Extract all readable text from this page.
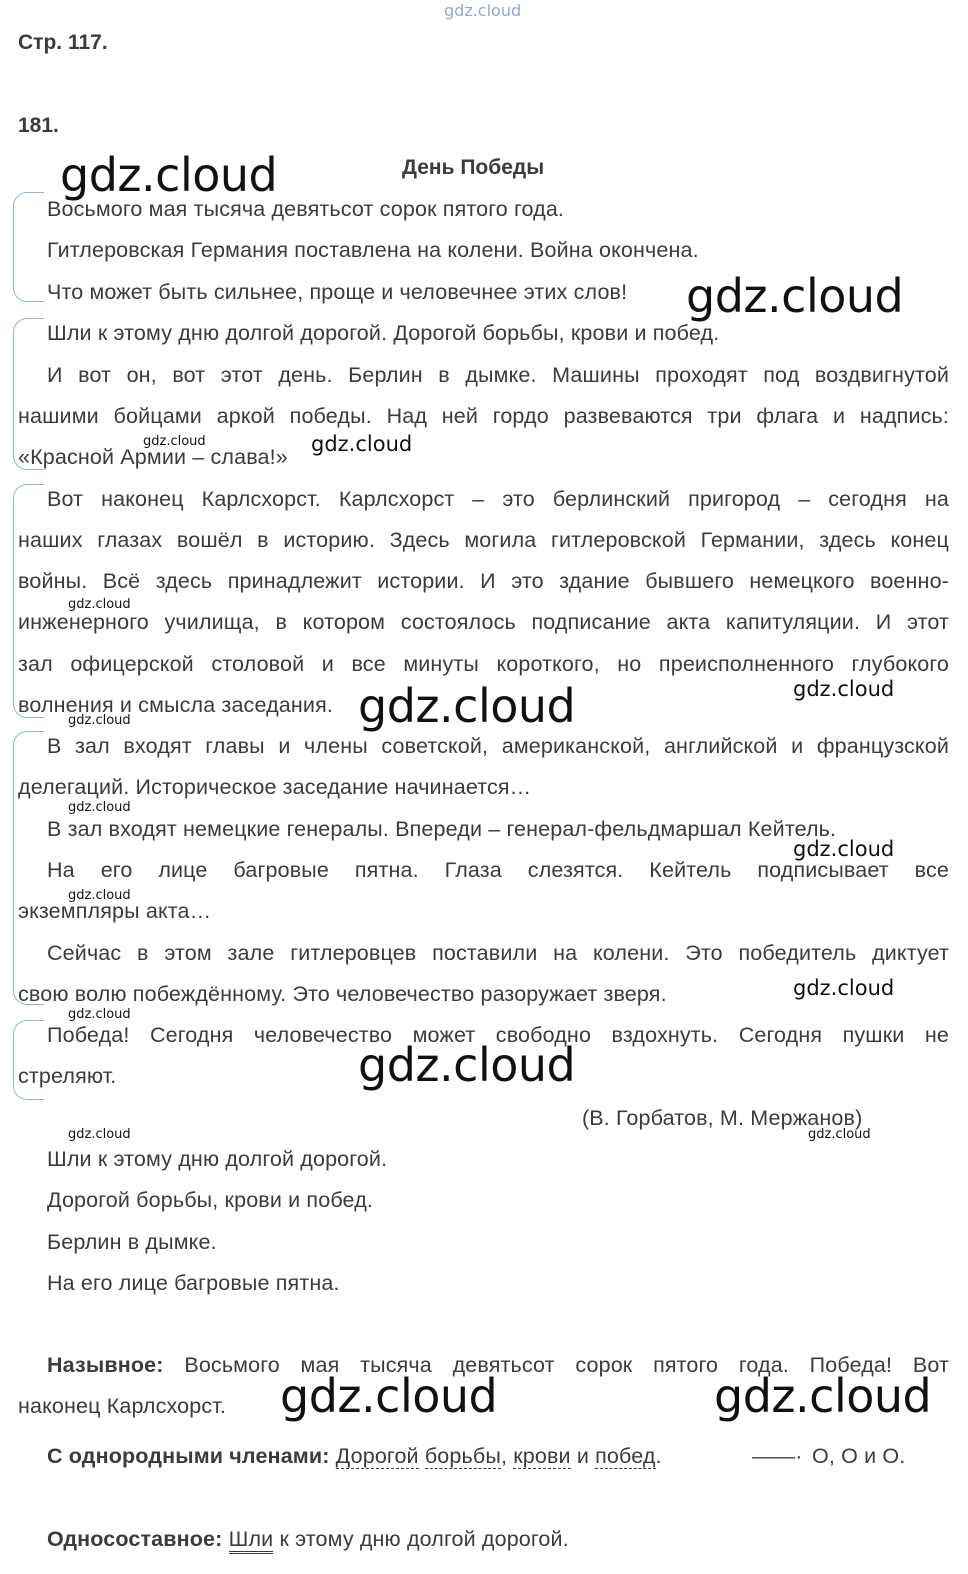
gdz.cloud
Стр. 117.
181.
День Победы
Восьмого мая тысяча девятьсот сорок пятого года.
Гитлеровская Германия поставлена на колени. Война окончена.
Что может быть сильнее, проще и человечнее этих слов!
Шли к этому дню долгой дорогой. Дорогой борьбы, крови и побед.
И вот он, вот этот день. Берлин в дымке. Машины проходят под воздвигнутой
нашими бойцами аркой победы. Над ней гордо развеваются три флага и надпись:
«Красной Армии – слава!»
Вот наконец Карлсхорст. Карлсхорст – это берлинский пригород – сегодня на
наших глазах вошёл в историю. Здесь могила гитлеровской Германии, здесь конец
войны. Всё здесь принадлежит истории. И это здание бывшего немецкого военно-
инженерного училища, в котором состоялось подписание акта капитуляции. И этот
зал офицерской столовой и все минуты короткого, но преисполненного глубокого
волнения и смысла заседания.
В зал входят главы и члены советской, американской, английской и французской
делегаций. Историческое заседание начинается…
В зал входят немецкие генералы. Впереди – генерал-фельдмаршал Кейтель.
На его лице багровые пятна. Глаза слезятся. Кейтель подписывает все
экземпляры акта…
Сейчас в этом зале гитлеровцев поставили на колени. Это победитель диктует
свою волю побеждённому. Это человечество разоружает зверя.
Победа! Сегодня человечество может свободно вздохнуть. Сегодня пушки не
стреляют.
(В. Горбатов, М. Мержанов)
Шли к этому дню долгой дорогой.
Дорогой борьбы, крови и побед.
Берлин в дымке.
На его лице багровые пятна.
Назывное: Восьмого мая тысяча девятьсот сорок пятого года. Победа! Вот
наконец Карлсхорст.
С однородными членами: Дорогой борьбы, крови и побед.	——· О, О и О.
Односоставное: Шли к этому дню долгой дорогой.
gdz.cloud
gdz.cloud
gdz.cloud
gdz.cloud
gdz.cloud	gdz.cloud
gdz.cloud
gdz.cloud
gdz.cloud
gdz.cloud
gdz.cloud
gdz.cloud
gdz.cloud
gdz.cloud
gdz.cloud
gdz.cloud
gdz.cloud	gdz.cloud
